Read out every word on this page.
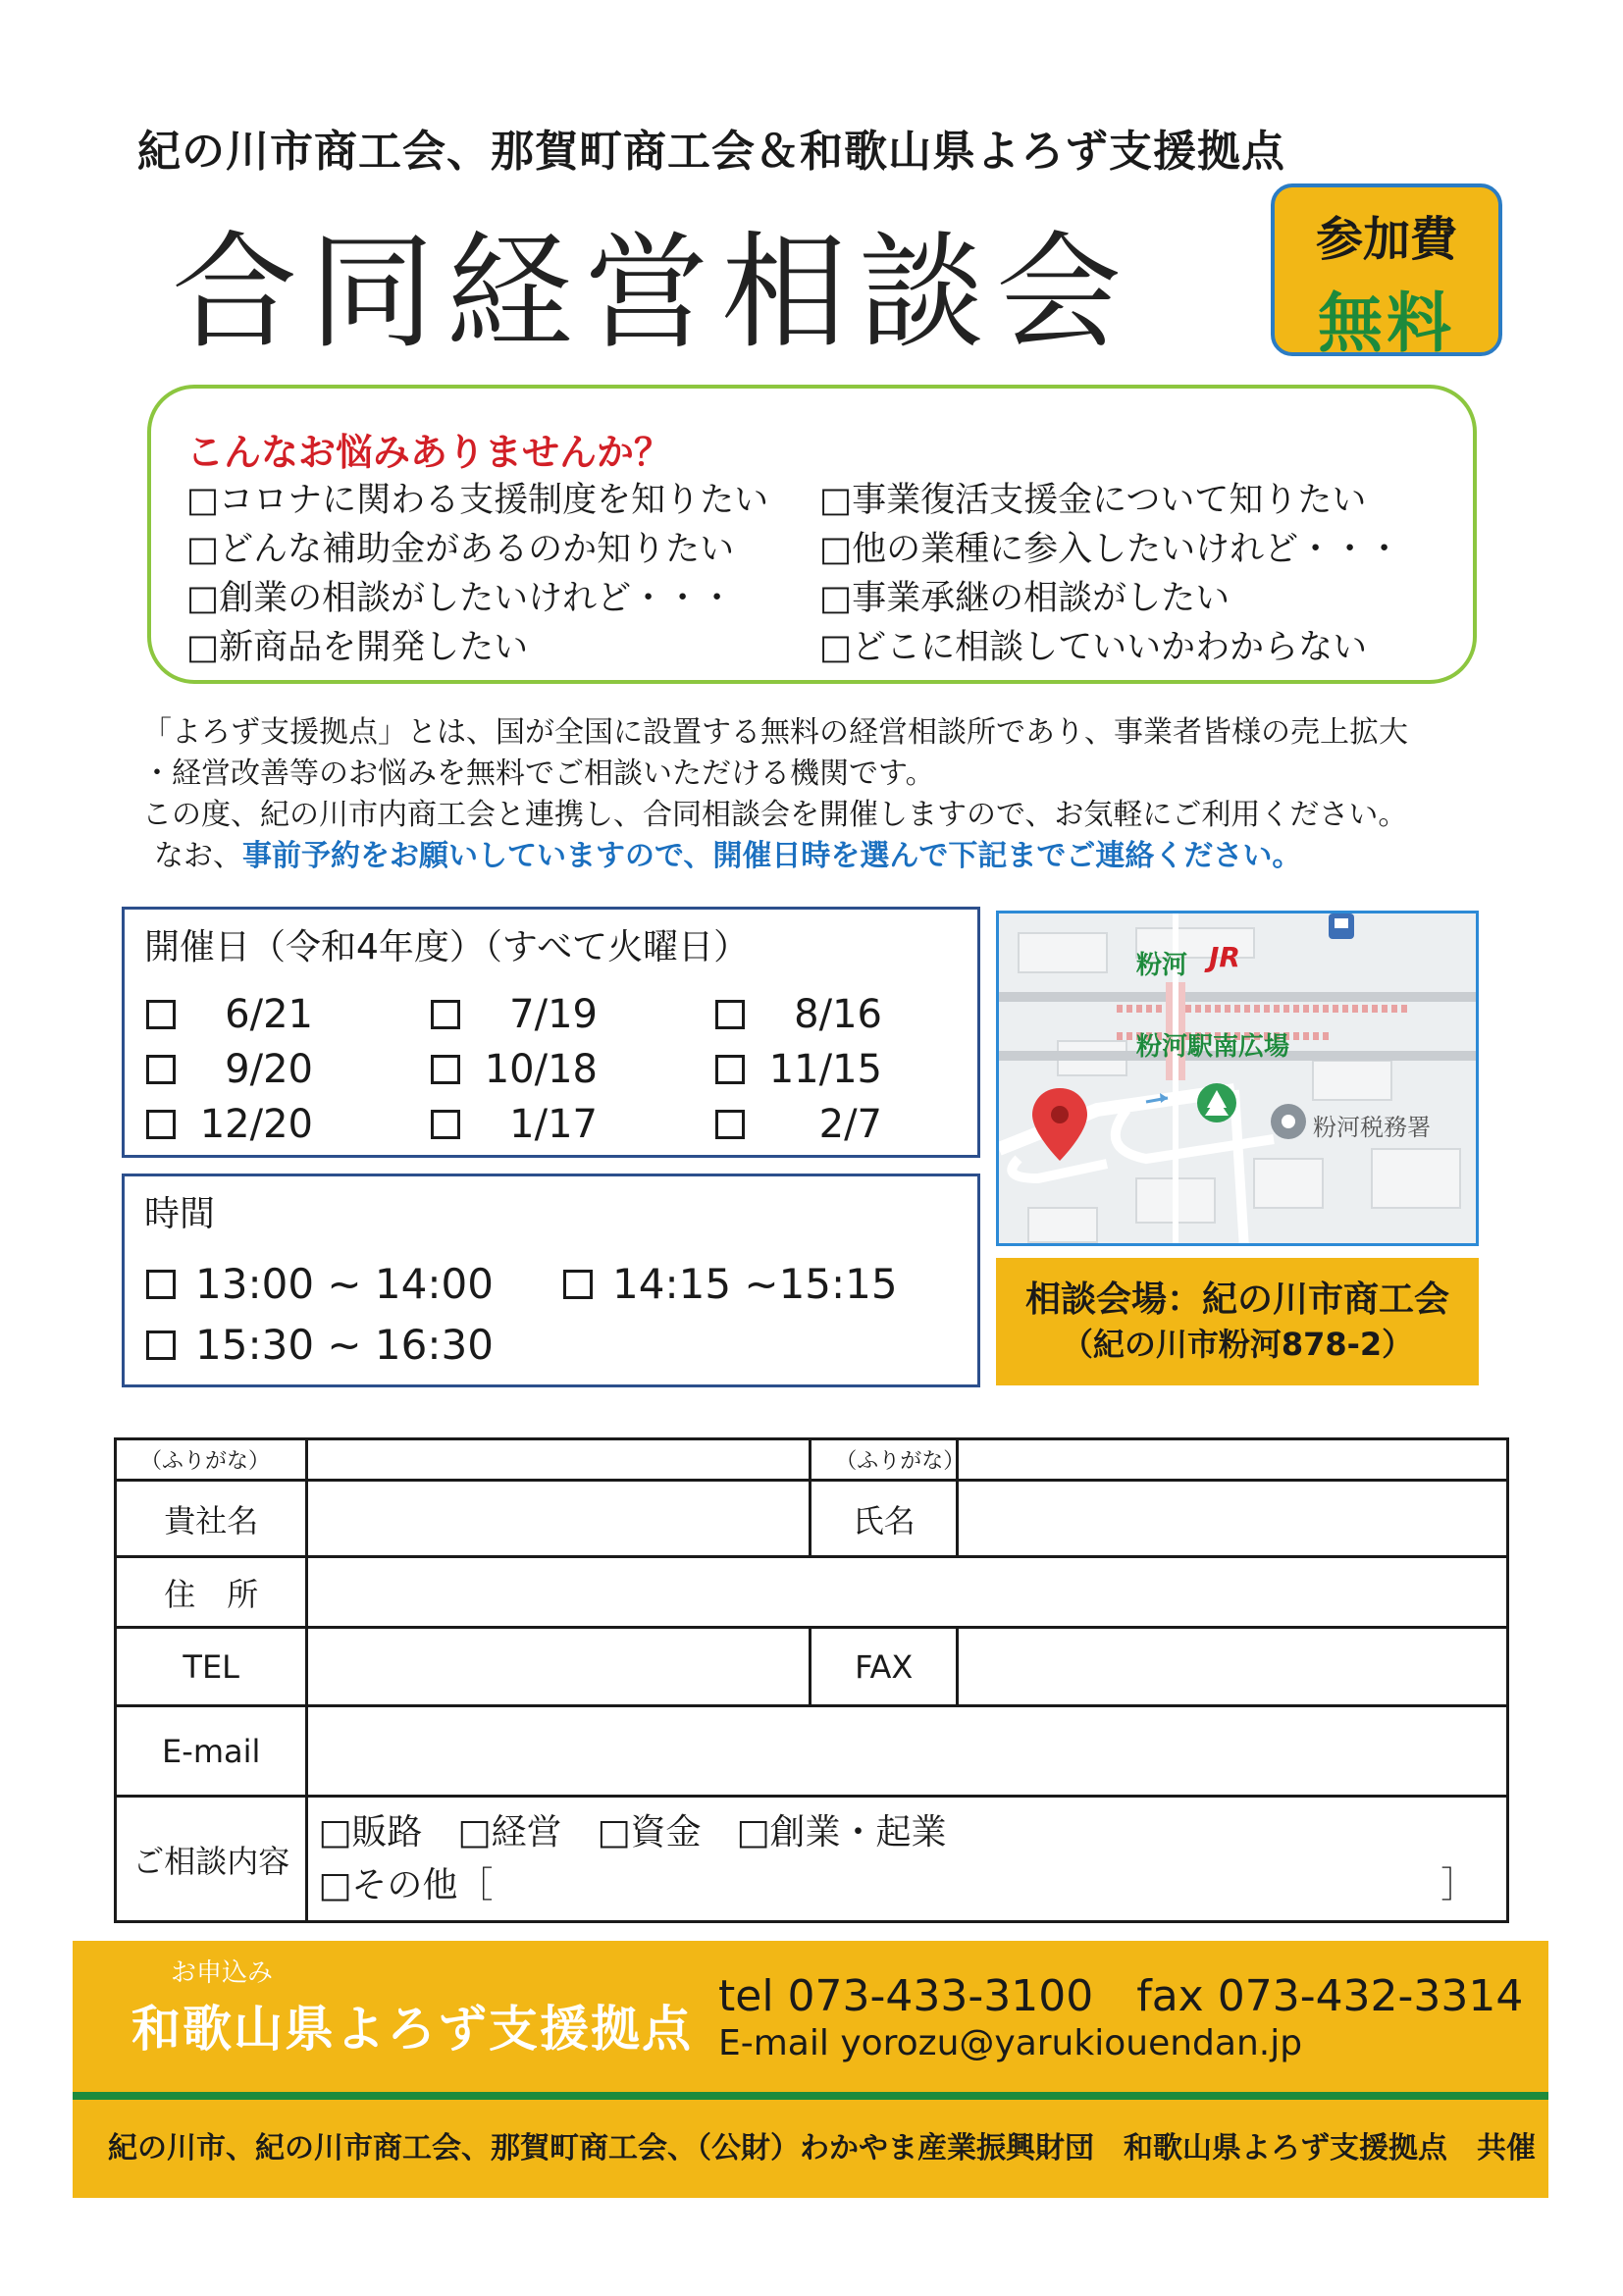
紀の川市商工会、那賀町商工会＆和歌山県よろず支援拠点
合同経営相談会	参加費
無料
こんなお悩みありませんか？
□コロナに関わる支援制度を知りたい	□事業復活支援金について知りたい
□どんな補助金があるのか知りたい	□他の業種に参入したいけれど・・・
□創業の相談がしたいけれど・・・	□事業承継の相談がしたい
□新商品を開発したい	□どこに相談していいかわからない

「よろず支援拠点」とは、国が全国に設置する無料の経営相談所であり、事業者皆様の売上拡大

・経営改善等のお悩みを無料でご相談いただける機関です。

この度、紀の川市内商工会と連携し、合同相談会を開催しますので、お気軽にご利用ください。

なお、事前予約をお願いしていますので、開催日時を選んで下記までご連絡ください。

開催日（令和4年度）（すべて火曜日）
6/21	7/19	8/16
9/20	10/18	11/15
12/20	1/17	2/7
時間
13:00 ~ 14:00	14:15 ~15:15
15:30 ~ 16:30
粉河 JR
粉河駅南広場
粉河税務署
相談会場：紀の川市商工会
（紀の川市粉河878-2）
（ふりがな）		（ふりがな）	
貴社名		氏名	
住　所			
TEL		FAX	
E-mail			
ご相談内容	□販路　□経営　□資金　□創業・起業
□その他［ ］		
お申込み
和歌山県よろず支援拠点
tel 073-433-3100　fax 073-432-3314
E-mail yorozu@yarukiouendan.jp
紀の川市、紀の川市商工会、那賀町商工会、（公財）わかやま産業振興財団　和歌山県よろず支援拠点　共催
